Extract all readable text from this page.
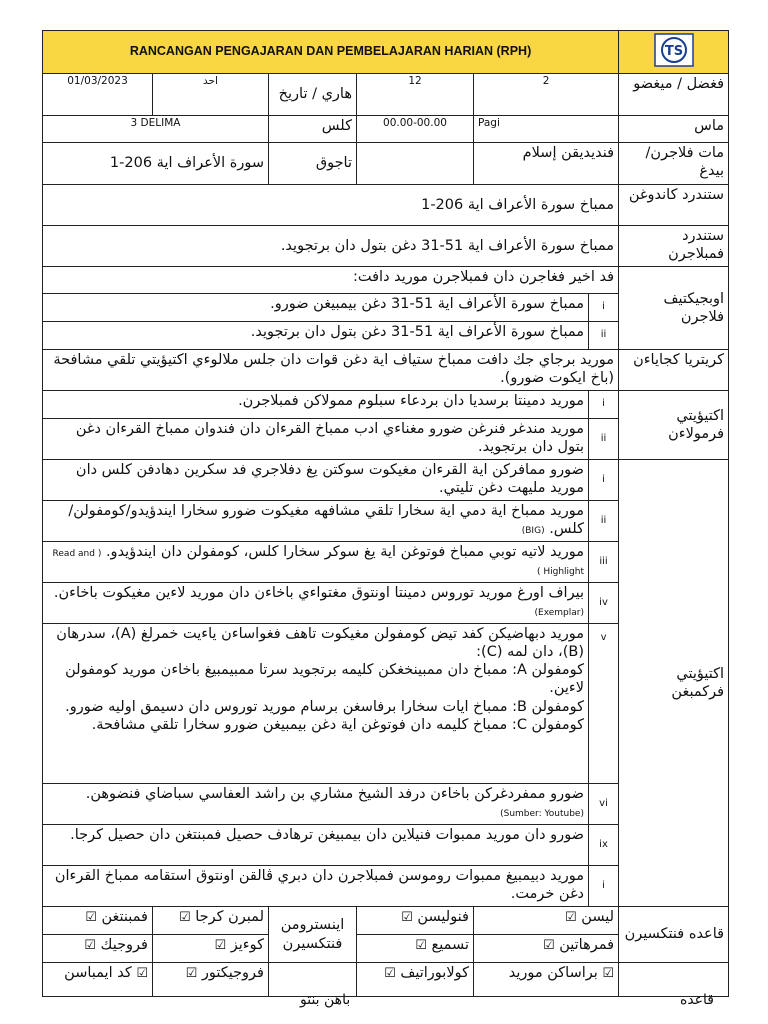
RANCANGAN PENGAJARAN DAN PEMBELAJARAN HARIAN (RPH)						TS	

01/03/2023	احد	هاري / تاريخ	12	2		فغضل / ميغضو	
3 DELIMA		كلس	00.00-00.00	Pagi		ماس	
سورة الأعراف اية 206-1		تاجوق		فنديديقن إسلام		مات فلاجرن/ بيدغ	
ممباخ سورة الأعراف اية 206-1						ستندرد كاندوغن	
ممباخ سورة الأعراف اية 51-31 دغن بتول دان برتجويد.						ستندرد فمبلاجرن	
فد اخير فغاجرن دان فمبلاجرن موريد دافت:						اوبجيكتيف فلاجرن	
ممباخ سورة الأعراف اية 51-31 دغن بيمبيغن ضورو.					i		
ممباخ سورة الأعراف اية 51-31 دغن بتول دان برتجويد.					ii		
موريد برجاي جك دافت ممباخ ستياف اية دغن قوات دان جلس ملالوءي اكتيؤيتي تلقي مشافحة (باخ ايكوت ضورو).						كريتريا كجاياءن	
موريد دمينتا برسديا دان بردعاء سبلوم ممولاكن فمبلاجرن.					i	اكتيؤيتي فرمولاءن	
موريد مندغر فنرغن ضورو مغناءي ادب ممباخ القرءان دان فندوان ممباخ القرءان دغن بتول دان برتجويد.					ii		
ضورو ممافركن اية القرءان مغيكوت سوكتن يغ دفلاجري فد سكرين دهادفن كلس دان موريد مليهت دغن تليتي.					i	اكتيؤيتي فركمبغن	
موريد ممباخ اية دمي اية سخارا تلقي مشافهه مغيكوت ضورو سخارا ايندؤيدو/كومفولن/كلس. (BIG)					ii		
موريد لاتيه توبي ممباخ فوتوغن اية يغ سوكر سخارا كلس، كومفولن دان ايندؤيدو. ( Read and Highlight )					iii		
بيراف اورغ موريد توروس دمينتا اونتوق مغتواءي باخاءن دان موريد لاءين مغيكوت باخاءن. (Exemplar)					iv		

موريد دبهاضيكن كفد تيض كومفولن مغيكوت تاهف فغواساءن ياءيت خمرلغ (A)، سدرهان (B)، دان لمه (C):
كومفولن A: ممباخ دان ممبينخغكن كليمه برتجويد سرتا ممبيمبيغ باخاءن موريد كومفولن لاءين.
كومفولن B: ممباخ ايات سخارا برفاسغن برسام موريد توروس دان دسيمق اوليه ضورو.
كومفولن C: ممباخ كليمه دان فوتوغن اية دغن بيمبيغن ضورو سخارا تلقي مشافحة.					v		
ضورو ممفردغركن باخاءن درفد الشيخ مشاري بن راشد العفاسي سباضاي فنضوهن. (Sumber: Youtube)					vi		
ضورو دان موريد ممبوات فنيلاين دان بيمبيغن ترهادف حصيل فمبنتغن دان حصيل كرجا.					ix		
موريد دبيمبيغ ممبوات روموسن فمبلاجرن دان دبري ڤالقن اونتوق استقامه ممباخ القرءان دغن خرمت.					i	
فمبنتغن ☑	لمبرن كرجا ☑	اينسترومن فنتكسيرن	فنوليسن ☑	ليسن ☑		قاعده فنتكسيرن	
فروجيك ☑	كوءيز ☑		تسميع ☑	فمرهاتين ☑			
☑ كد ايمباسن	فروجيكتور ☑		كولابوراتيف ☑	☑ براساكن موريد			
باهن بنتو	قاعده
